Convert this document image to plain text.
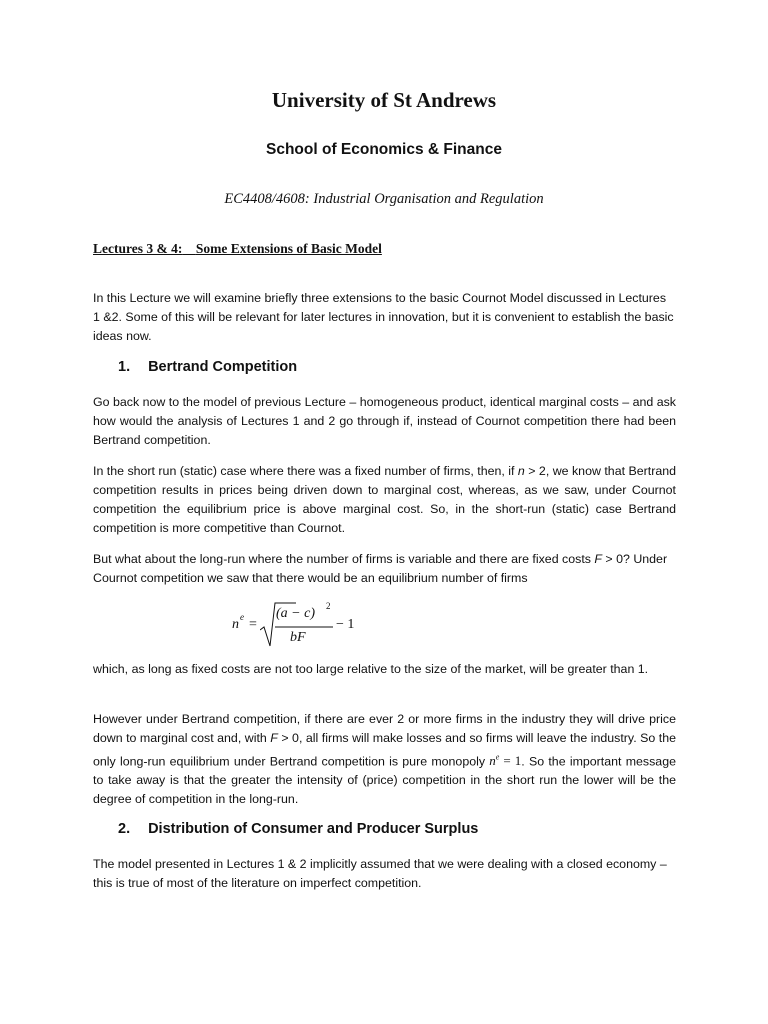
University of St Andrews
School of Economics & Finance
EC4408/4608: Industrial Organisation and Regulation
Lectures 3 & 4: Some Extensions of Basic Model

In this Lecture we will examine briefly three extensions to the basic Cournot Model discussed in Lectures 1 &2. Some of this will be relevant for later lectures in innovation, but it is convenient to establish the basic ideas now.

1. Bertrand Competition

Go back now to the model of previous Lecture – homogeneous product, identical marginal costs – and ask how would the analysis of Lectures 1 and 2 go through if, instead of Cournot competition there had been Bertrand competition.

In the short run (static) case where there was a fixed number of firms, then, if n > 2, we know that Bertrand competition results in prices being driven down to marginal cost, whereas, as we saw, under Cournot competition the equilibrium price is above marginal cost. So, in the short-run (static) case Bertrand competition is more competitive than Cournot.

But what about the long-run where the number of firms is variable and there are fixed costs F > 0? Under Cournot competition we saw that there would be an equilibrium number of firms

n e =
(a − c) 2
bF
− 1

which, as long as fixed costs are not too large relative to the size of the market, will be greater than 1.

However under Bertrand competition, if there are ever 2 or more firms in the industry they will drive price down to marginal cost and, with F > 0, all firms will make losses and so firms will leave the industry. So the only long-run equilibrium under Bertrand competition is pure monopoly $n^e = 1$. So the important message to take away is that the greater the intensity of (price) competition in the short run the lower will be the degree of competition in the long-run.

2. Distribution of Consumer and Producer Surplus

The model presented in Lectures 1 & 2 implicitly assumed that we were dealing with a closed economy – this is true of most of the literature on imperfect competition.
